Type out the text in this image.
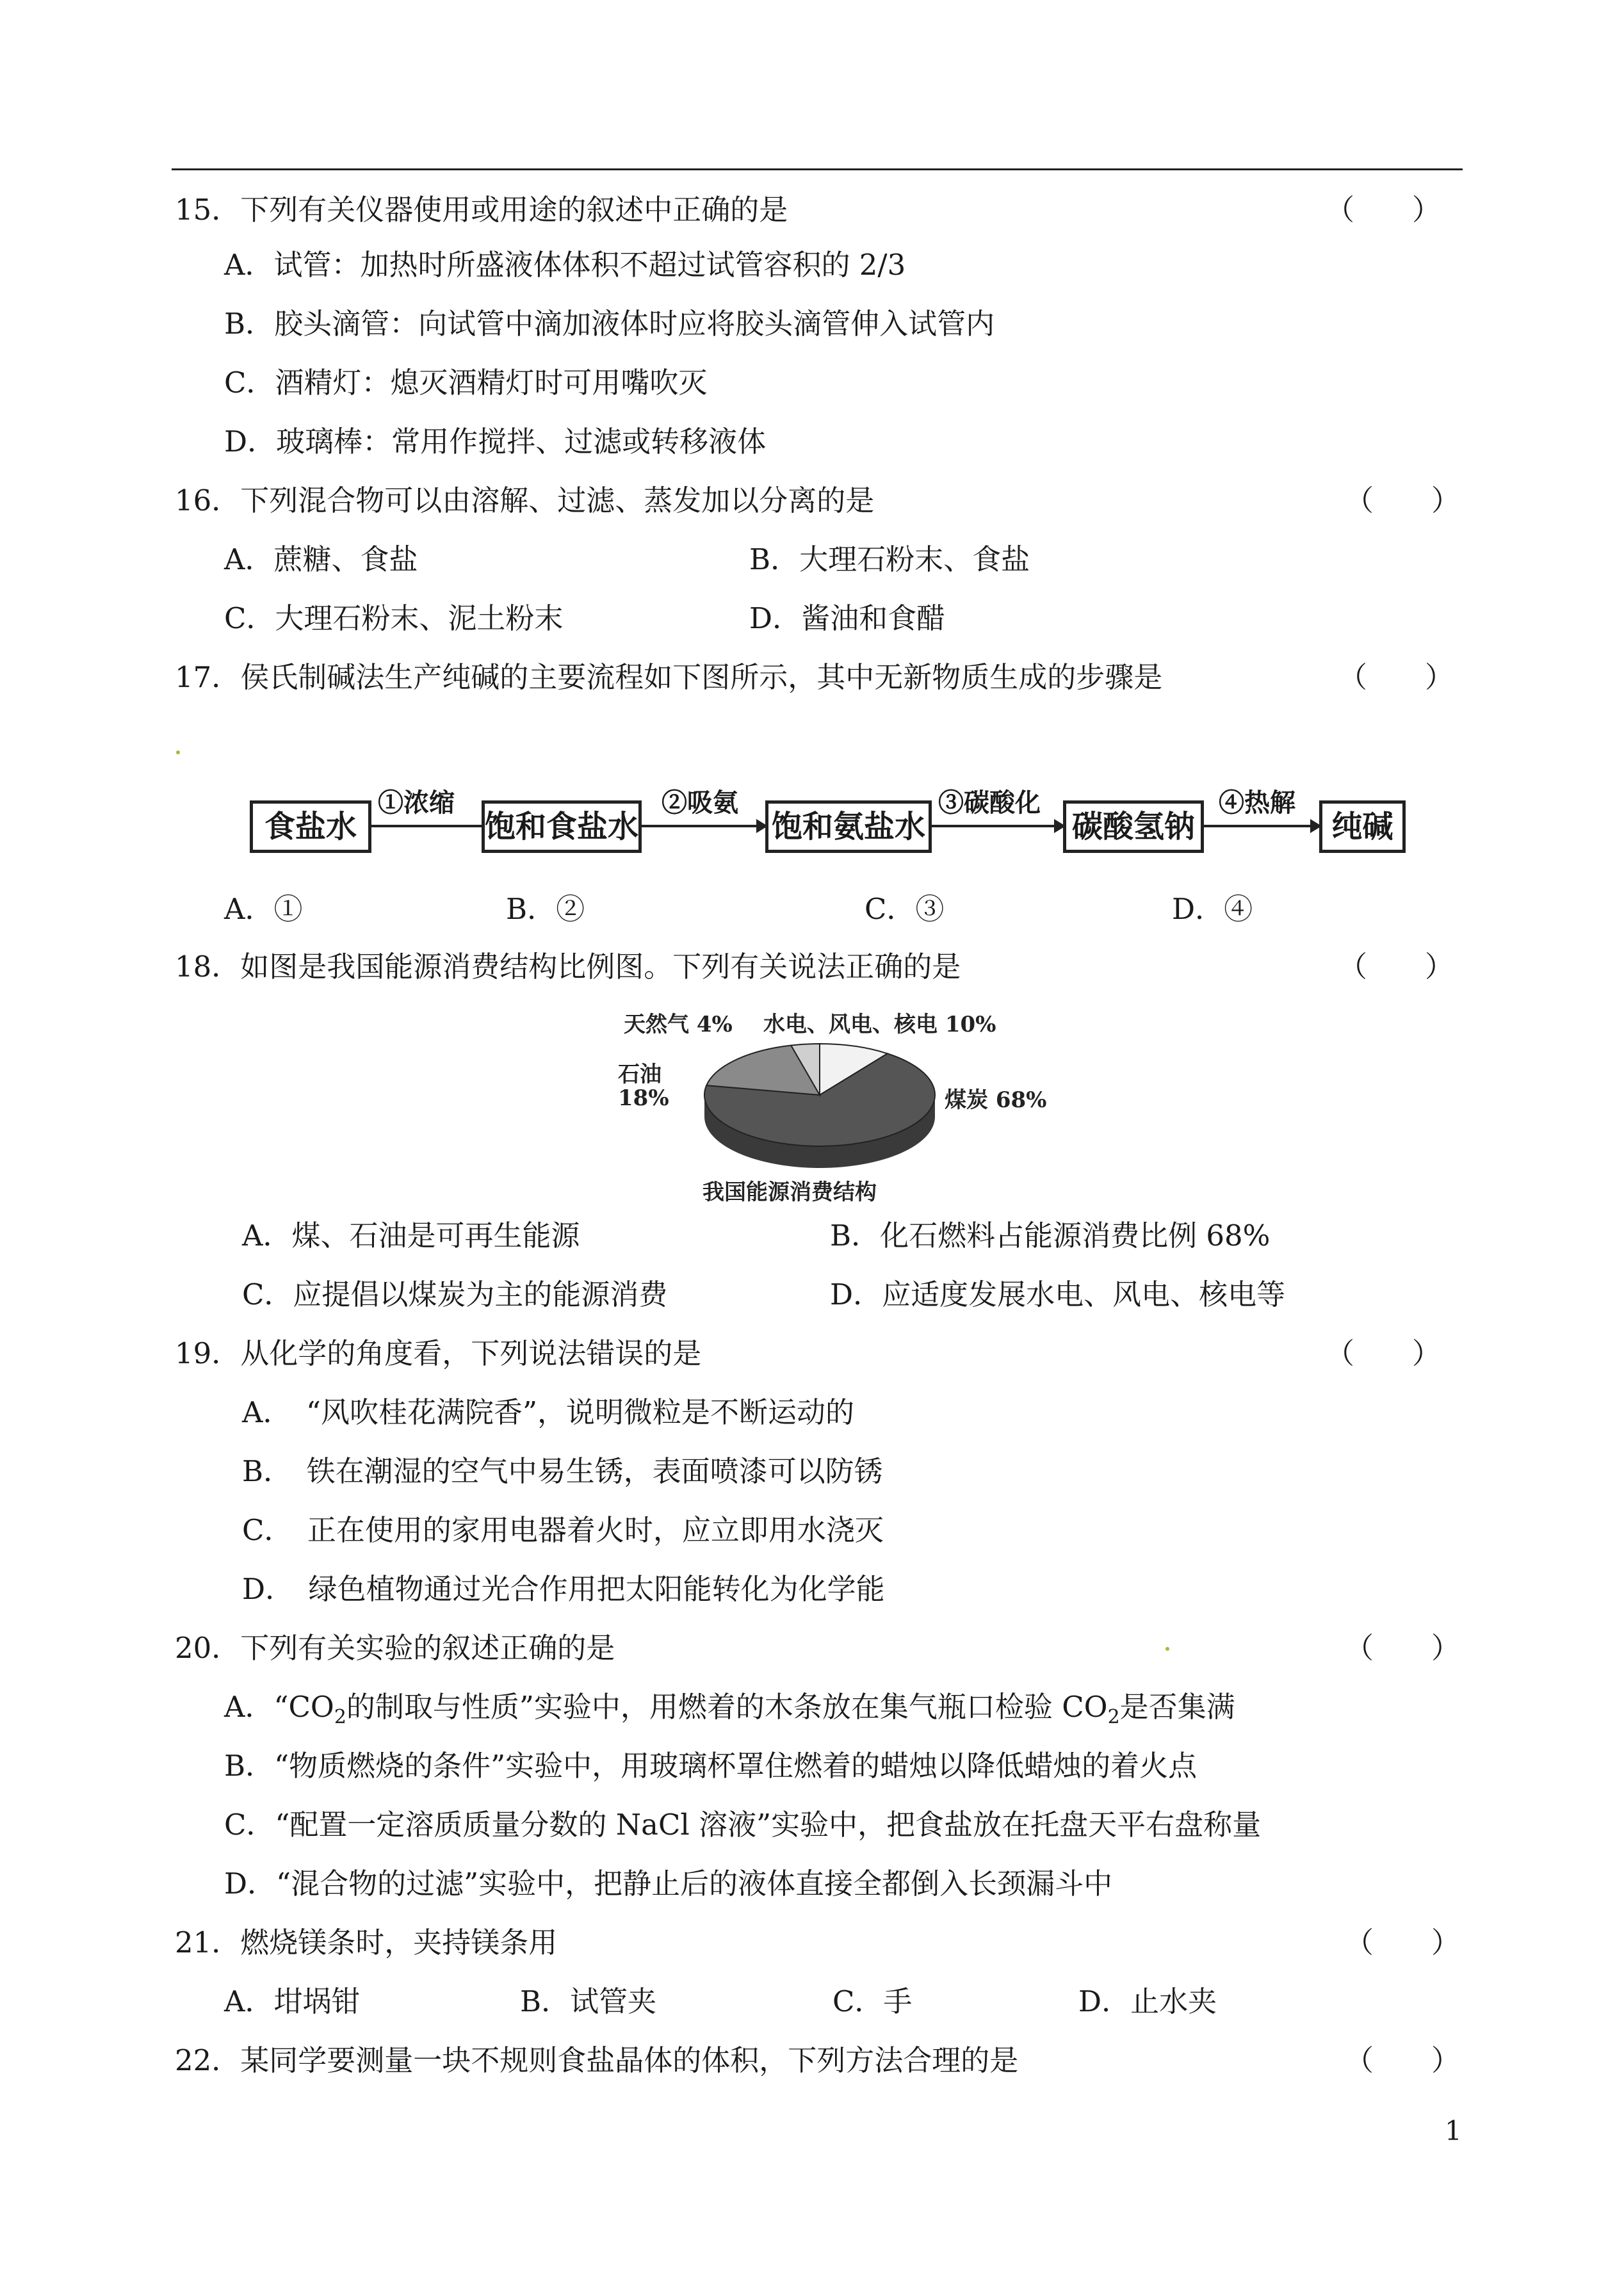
15．下列有关仪器使用或用途的叙述中正确的是	（　　）
A．试管：加热时所盛液体体积不超过试管容积的 2/3
B．胶头滴管：向试管中滴加液体时应将胶头滴管伸入试管内
C．酒精灯：熄灭酒精灯时可用嘴吹灭
D．玻璃棒：常用作搅拌、过滤或转移液体
16．下列混合物可以由溶解、过滤、蒸发加以分离的是	（　　）
A．蔗糖、食盐	B．大理石粉末、食盐
C．大理石粉末、泥土粉末	D．酱油和食醋
17．侯氏制碱法生产纯碱的主要流程如下图所示，其中无新物质生成的步骤是	（　　）
食盐水
①浓缩
饱和食盐水
②吸氨
饱和氨盐水
③碳酸化
碳酸氢钠
④热解
纯碱
A．①	B．②	C．③	D．④
18．如图是我国能源消费结构比例图。下列有关说法正确的是	（　　）
天然气 4% 水电、风电、核电 10%
石油
18%	煤炭 68%
我国能源消费结构
A．煤、石油是可再生能源	B．化石燃料占能源消费比例 68%
C．应提倡以煤炭为主的能源消费	D．应适度发展水电、风电、核电等
19．从化学的角度看，下列说法错误的是	（　　）
A．　“风吹桂花满院香”，说明微粒是不断运动的
B．　铁在潮湿的空气中易生锈，表面喷漆可以防锈
C．　正在使用的家用电器着火时，应立即用水浇灭
D．　绿色植物通过光合作用把太阳能转化为化学能
20．下列有关实验的叙述正确的是	（　　）
A．“$CO_2$的制取与性质”实验中，用燃着的木条放在集气瓶口检验 $CO_2$是否集满
B．“物质燃烧的条件”实验中，用玻璃杯罩住燃着的蜡烛以降低蜡烛的着火点
C．“配置一定溶质质量分数的 NaCl 溶液”实验中，把食盐放在托盘天平右盘称量
D．“混合物的过滤”实验中，把静止后的液体直接全都倒入长颈漏斗中
21．燃烧镁条时，夹持镁条用	（　　）
A．坩埚钳	B．试管夹	C．手	D．止水夹
22．某同学要测量一块不规则食盐晶体的体积，下列方法合理的是	（　　）
1
